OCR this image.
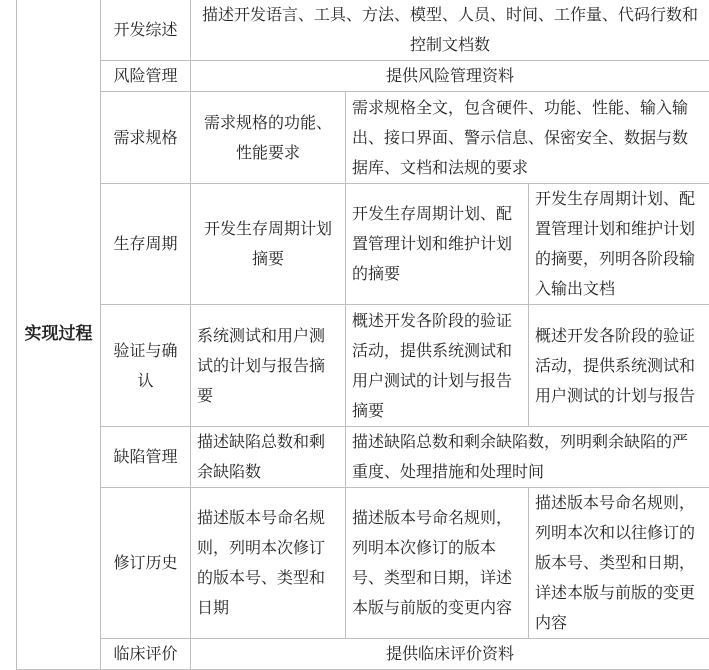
实现过程	开发综述	描述开发语言、工具、方法、模型、人员、时间、工作量、代码行数和控制文档数		
	风险管理	提供风险管理资料		
	需求规格	需求规格的功能、性能要求	需求规格全文，包含硬件、功能、性能、输入输出、接口界面、警示信息、保密安全、数据与数据库、文档和法规的要求	
	生存周期	开发生存周期计划摘要	开发生存周期计划、配置管理计划和维护计划的摘要	开发生存周期计划、配置管理计划和维护计划的摘要，列明各阶段输入输出文档
	验证与确认	系统测试和用户测试的计划与报告摘要	概述开发各阶段的验证活动，提供系统测试和用户测试的计划与报告摘要	概述开发各阶段的验证活动，提供系统测试和用户测试的计划与报告
	缺陷管理	描述缺陷总数和剩余缺陷数	描述缺陷总数和剩余缺陷数，列明剩余缺陷的严重度、处理措施和处理时间	
	修订历史	描述版本号命名规则，列明本次修订的版本号、类型和日期	描述版本号命名规则，列明本次修订的版本号、类型和日期，详述本版与前版的变更内容	描述版本号命名规则，列明本次和以往修订的版本号、类型和日期，详述本版与前版的变更内容
	临床评价	提供临床评价资料		
